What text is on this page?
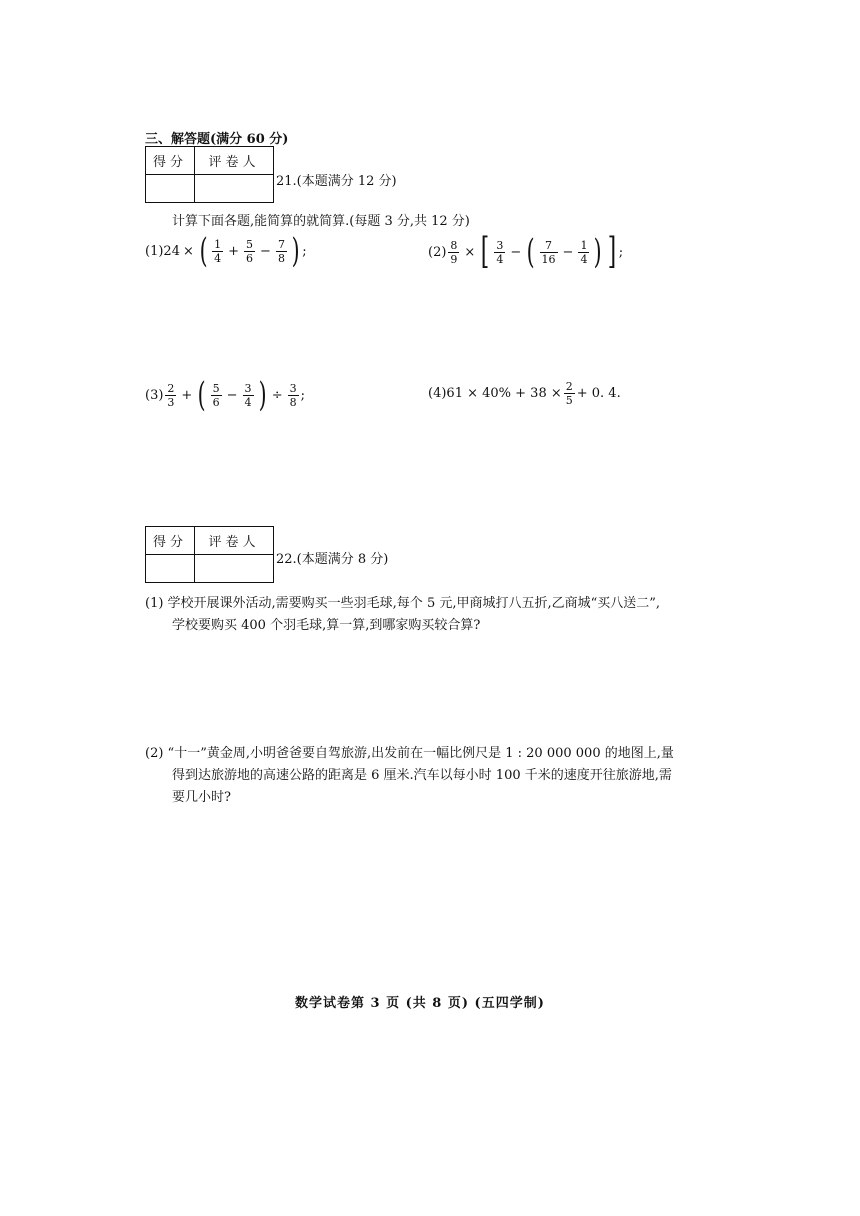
三、解答题(满分 60 分)
得分	评卷人

21.(本题满分 12 分)
计算下面各题,能简算的就简算.(每题 3 分,共 12 分)
(1) 24 × ( $\frac{1}{4} + \frac{5}{6} - \frac{7}{8}$ ) ;	$(2) \frac{8}{9}$ × [ $\frac{3}{4}$ − ( $\frac{7}{16} - \frac{1}{4}$ ) ] ;
$(3) \frac{2}{3}$ + ( $\frac{5}{6} - \frac{3}{4}$ ) ÷ $\frac{3}{8}$ ;	(4) $61 \times 40\% + 38 \times \frac{2}{5} + 0$. 4.
得分	评卷人

22.(本题满分 8 分)
(1) 学校开展课外活动,需要购买一些羽毛球,每个 5 元,甲商城打八五折,乙商城“买八送二”,
学校要购买 400 个羽毛球,算一算,到哪家购买较合算?
(2) “十一”黄金周,小明爸爸要自驾旅游,出发前在一幅比例尺是 1 : 20 000 000 的地图上,量
得到达旅游地的高速公路的距离是 6 厘米.汽车以每小时 100 千米的速度开往旅游地,需
要几小时?
数学试卷第 3 页 (共 8 页) (五四学制)
